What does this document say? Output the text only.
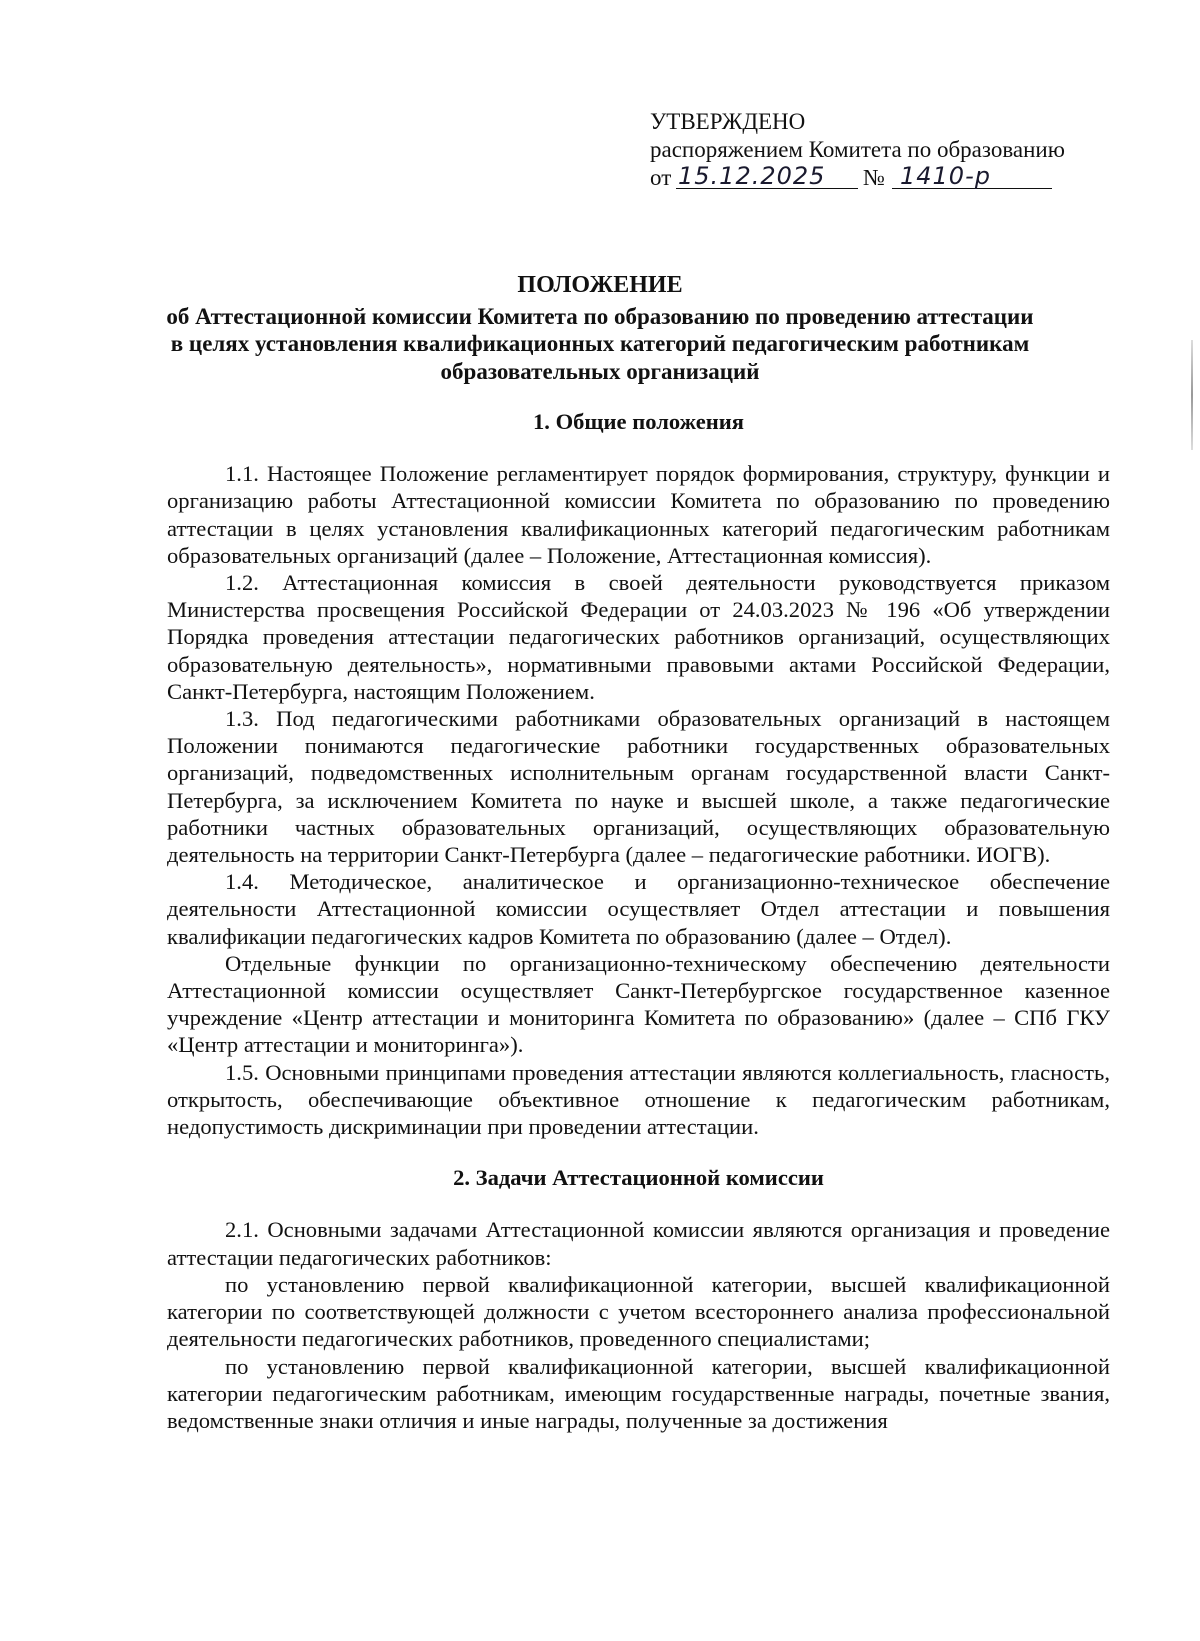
УТВЕРЖДЕНО
распоряжением Комитета по образованию
от 15.12.2025 № 1410-р
ПОЛОЖЕНИЕ
об Аттестационной комиссии Комитета по образованию по проведению аттестации
в целях установления квалификационных категорий педагогическим работникам
образовательных организаций

1. Общие положения

1.1. Настоящее Положение регламентирует порядок формирования, структуру, функции и организацию работы Аттестационной комиссии Комитета по образованию по проведению аттестации в целях установления квалификационных категорий педагогическим работникам образовательных организаций (далее – Положение, Аттестационная комиссия).

1.2. Аттестационная комиссия в своей деятельности руководствуется приказом Министерства просвещения Российской Федерации от 24.03.2023 № 196 «Об утверждении Порядка проведения аттестации педагогических работников организаций, осуществляющих образовательную деятельность», нормативными правовыми актами Российской Федерации, Санкт-Петербурга, настоящим Положением.

1.3. Под педагогическими работниками образовательных организаций в настоящем Положении понимаются педагогические работники государственных образовательных организаций, подведомственных исполнительным органам государственной власти Санкт-Петербурга, за исключением Комитета по науке и высшей школе, а также педагогические работники частных образовательных организаций, осуществляющих образовательную деятельность на территории Санкт-Петербурга (далее – педагогические работники. ИОГВ).

1.4. Методическое, аналитическое и организационно-техническое обеспечение деятельности Аттестационной комиссии осуществляет Отдел аттестации и повышения квалификации педагогических кадров Комитета по образованию (далее – Отдел).

Отдельные функции по организационно-техническому обеспечению деятельности Аттестационной комиссии осуществляет Санкт-Петербургское государственное казенное учреждение «Центр аттестации и мониторинга Комитета по образованию» (далее – СПб ГКУ «Центр аттестации и мониторинга»).

1.5. Основными принципами проведения аттестации являются коллегиальность, гласность, открытость, обеспечивающие объективное отношение к педагогическим работникам, недопустимость дискриминации при проведении аттестации.

2. Задачи Аттестационной комиссии

2.1. Основными задачами Аттестационной комиссии являются организация и проведение аттестации педагогических работников:

по установлению первой квалификационной категории, высшей квалификационной категории по соответствующей должности с учетом всестороннего анализа профессиональной деятельности педагогических работников, проведенного специалистами;

по установлению первой квалификационной категории, высшей квалификационной категории педагогическим работникам, имеющим государственные награды, почетные звания, ведомственные знаки отличия и иные награды, полученные за достижения
